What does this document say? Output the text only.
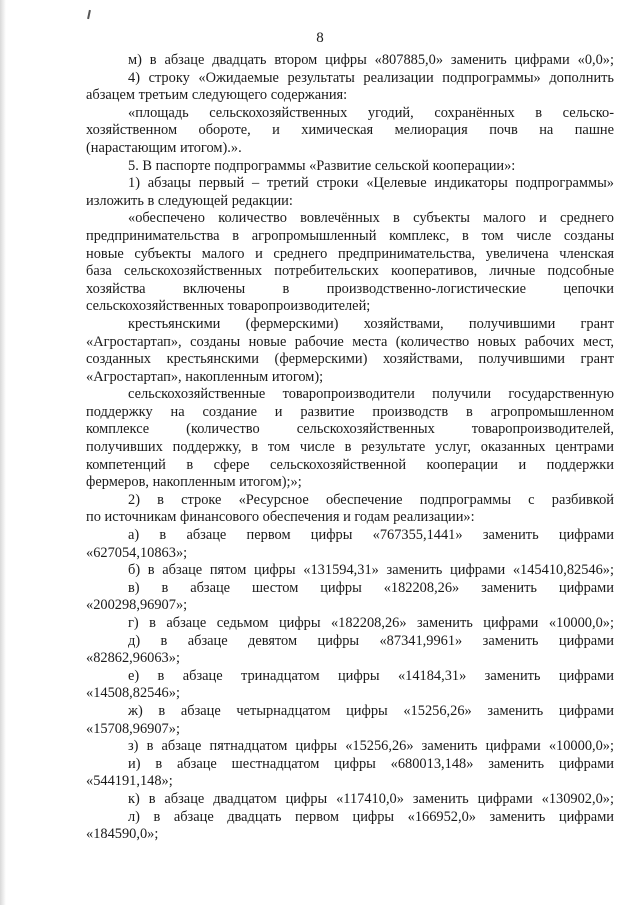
8

м) в абзаце двадцать втором цифры «807885,0» заменить цифрами «0,0»;

4) строку «Ожидаемые результаты реализации подпрограммы» дополнить

абзацем третьим следующего содержания:

«площадь сельскохозяйственных угодий, сохранённых в сельско-

хозяйственном обороте, и химическая мелиорация почв на пашне

(нарастающим итогом).».

5. В паспорте подпрограммы «Развитие сельской кооперации»:

1) абзацы первый – третий строки «Целевые индикаторы подпрограммы»

изложить в следующей редакции:

«обеспечено количество вовлечённых в субъекты малого и среднего

предпринимательства в агропромышленный комплекс, в том числе созданы

новые субъекты малого и среднего предпринимательства, увеличена членская

база сельскохозяйственных потребительских кооперативов, личные подсобные

хозяйства включены в производственно-логистические цепочки

сельскохозяйственных товаропроизводителей;

крестьянскими (фермерскими) хозяйствами, получившими грант

«Агростартап», созданы новые рабочие места (количество новых рабочих мест,

созданных крестьянскими (фермерскими) хозяйствами, получившими грант

«Агростартап», накопленным итогом);

сельскохозяйственные товаропроизводители получили государственную

поддержку на создание и развитие производств в агропромышленном

комплексе (количество сельскохозяйственных товаропроизводителей,

получивших поддержку, в том числе в результате услуг, оказанных центрами

компетенций в сфере сельскохозяйственной кооперации и поддержки

фермеров, накопленным итогом);»;

2) в строке «Ресурсное обеспечение подпрограммы с разбивкой

по источникам финансового обеспечения и годам реализации»:

а) в абзаце первом цифры «767355,1441» заменить цифрами

«627054,10863»;

б) в абзаце пятом цифры «131594,31» заменить цифрами «145410,82546»;

в) в абзаце шестом цифры «182208,26» заменить цифрами

«200298,96907»;

г) в абзаце седьмом цифры «182208,26» заменить цифрами «10000,0»;

д) в абзаце девятом цифры «87341,9961» заменить цифрами

«82862,96063»;

е) в абзаце тринадцатом цифры «14184,31» заменить цифрами

«14508,82546»;

ж) в абзаце четырнадцатом цифры «15256,26» заменить цифрами

«15708,96907»;

з) в абзаце пятнадцатом цифры «15256,26» заменить цифрами «10000,0»;

и) в абзаце шестнадцатом цифры «680013,148» заменить цифрами

«544191,148»;

к) в абзаце двадцатом цифры «117410,0» заменить цифрами «130902,0»;

л) в абзаце двадцать первом цифры «166952,0» заменить цифрами

«184590,0»;
